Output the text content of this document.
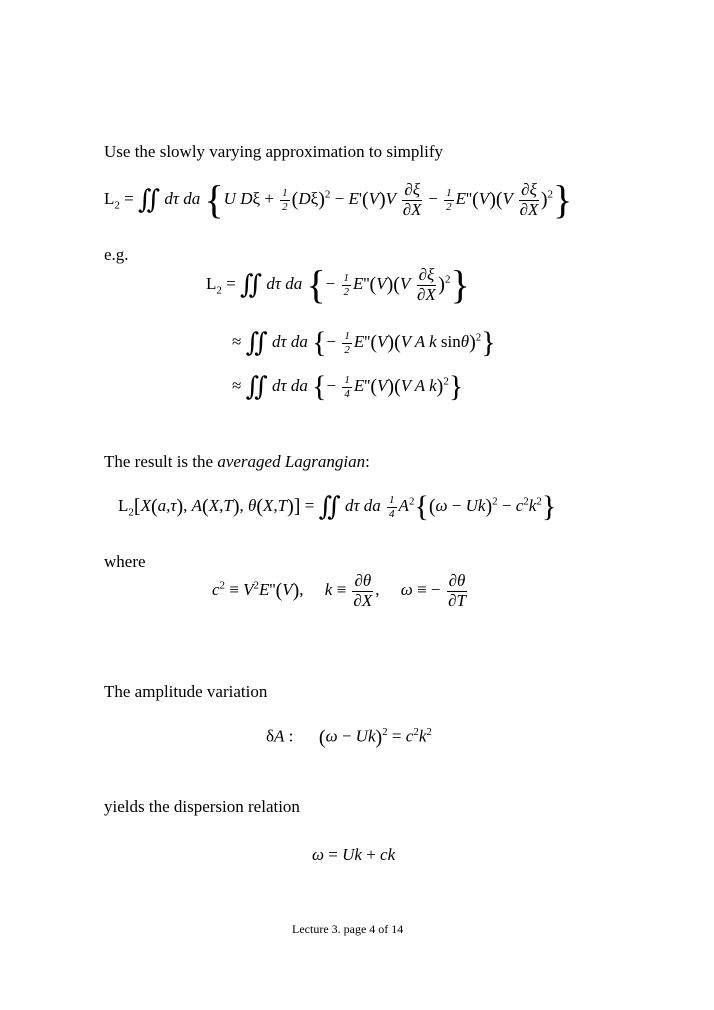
Use the slowly varying approximation to simplify
$L_2$ = ∬ dτ da {U $D\xi + \frac{1}{2} (D\xi)^2 - E'(V)V \frac{\partial\xi}{\partial X} - \frac{1}{2} E''(V)(V \frac{\partial\xi}{\partial X} )^2$}
e.g.
$L_2$ = ∬ dτ da {− $\frac{1}{2} E''(V)(V \frac{\partial\xi}{\partial X} )^2$}
≈ ∬ dτ da {− $\frac{1}{2} E''(V)(V$ A k sinθ)$^2$}
≈ ∬ dτ da {− $\frac{1}{4} E''(V)(V$ A k)$^2$}
The result is the averaged Lagrangian:
$L_2[X(a,\tau)$, A(X,T), θ(X,T)] = ∬ dτ da $\frac{1}{4} A^2\{(\omega - Uk)^2 - c^2k^2\}$
where
$c^2 \equiv V^2E''(V)$,     $k \equiv \frac{\partial\theta}{\partial X}$ ,     ω ≡ − $\frac{\partial\theta}{\partial T}$
The amplitude variation
δA :      $(\omega - Uk)^2 = c^2k^2$
yields the dispersion relation
ω = Uk + ck
Lecture 3. page 4 of 14
